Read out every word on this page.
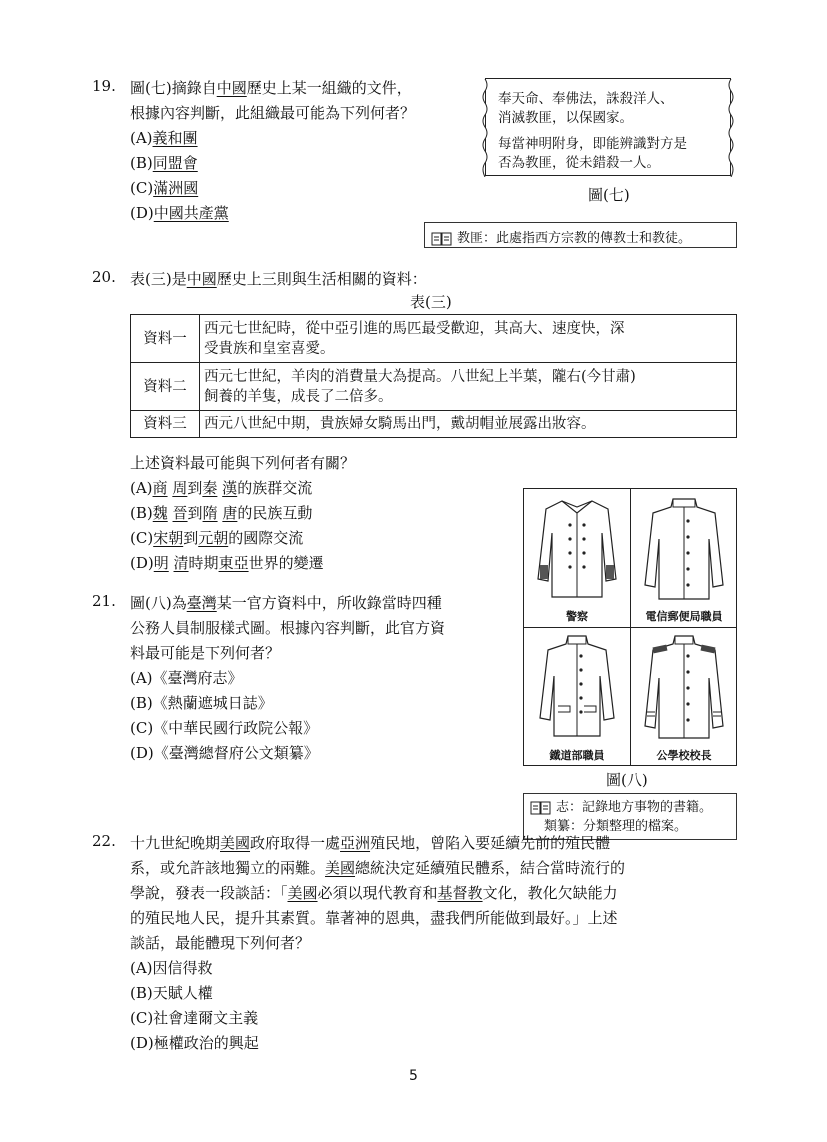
19. 圖(七)摘錄自中國歷史上某一組織的文件，
根據內容判斷，此組織最可能為下列何者？
(A)義和團
(B)同盟會
(C)滿洲國
(D)中國共產黨
奉天命、奉佛法，誅殺洋人、
消滅教匪，以保國家。
每當神明附身，即能辨識對方是
否為教匪，從未錯殺一人。
圖(七)
教匪：此處指西方宗教的傳教士和教徒。
20. 表(三)是中國歷史上三則與生活相關的資料：
表(三)
資料一	西元七世紀時，從中亞引進的馬匹最受歡迎，其高大、速度快，深
受貴族和皇室喜愛。

資料二	西元七世紀，羊肉的消費量大為提高。八世紀上半葉，隴右(今甘肅)
飼養的羊隻，成長了二倍多。

資料三	西元八世紀中期，貴族婦女騎馬出門，戴胡帽並展露出妝容。
上述資料最可能與下列何者有關？
(A)商 周到秦 漢的族群交流
(B)魏 晉到隋 唐的民族互動
(C)宋朝到元朝的國際交流
(D)明 清時期東亞世界的變遷
21. 圖(八)為臺灣某一官方資料中，所收錄當時四種
公務人員制服樣式圖。根據內容判斷，此官方資
料最可能是下列何者？
(A)《臺灣府志》
(B)《熱蘭遮城日誌》
(C)《中華民國行政院公報》
(D)《臺灣總督府公文類纂》
警察	電信郵便局職員
鐵道部職員	公學校校長
圖(八)
志：記錄地方事物的書籍。
類纂：分類整理的檔案。
22. 十九世紀晚期美國政府取得一處亞洲殖民地，曾陷入要延續先前的殖民體
系，或允許該地獨立的兩難。美國總統決定延續殖民體系，結合當時流行的
學說，發表一段談話：「美國必須以現代教育和基督教文化，教化欠缺能力
的殖民地人民，提升其素質。靠著神的恩典，盡我們所能做到最好。」上述
談話，最能體現下列何者？
(A)因信得救
(B)天賦人權
(C)社會達爾文主義
(D)極權政治的興起
5
